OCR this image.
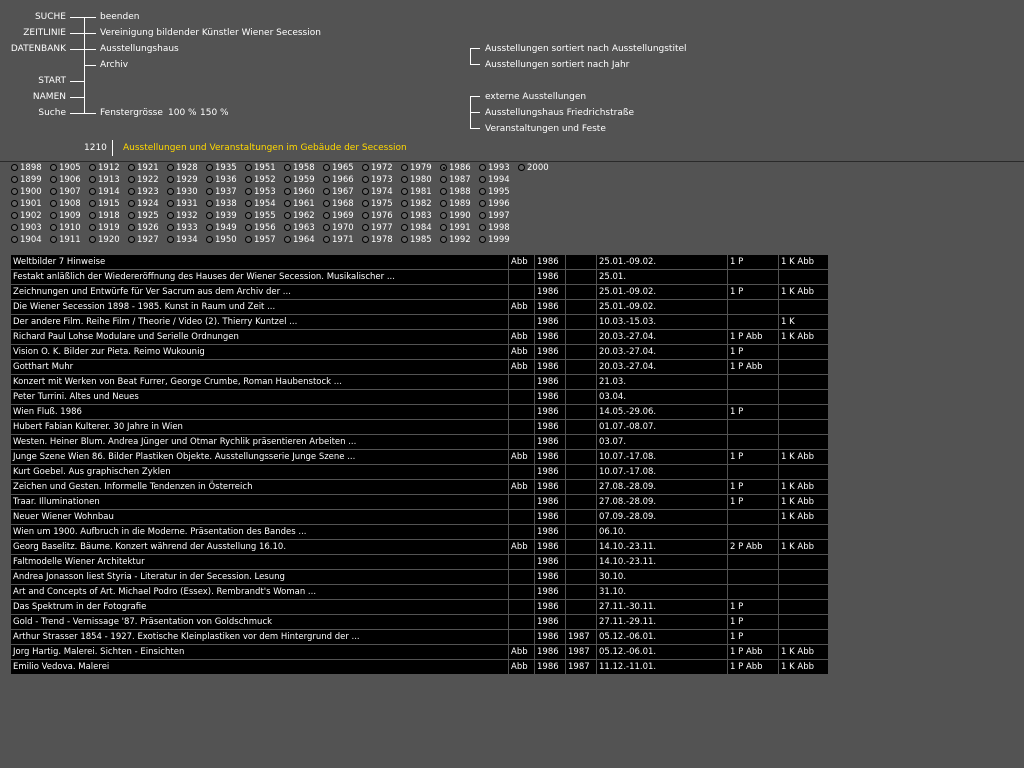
SUCHE
ZEITLINIE
DATENBANK
START
NAMEN
Suche
beenden
Vereinigung bildender Künstler Wiener Secession
Ausstellungshaus
Archiv
Fenstergrösse 100 % 150 %
Ausstellungen sortiert nach Ausstellungstitel
Ausstellungen sortiert nach Jahr
externe Ausstellungen
Ausstellungshaus Friedrichstraße
Veranstaltungen und Feste
1210 Ausstellungen und Veranstaltungen im Gebäude der Secession
1898
1899
1900
1901
1902
1903
1904
1905
1906
1907
1908
1909
1910
1911
1912
1913
1914
1915
1918
1919
1920
1921
1922
1923
1924
1925
1926
1927
1928
1929
1930
1931
1932
1933
1934
1935
1936
1937
1938
1939
1949
1950
1951
1952
1953
1954
1955
1956
1957
1958
1959
1960
1961
1962
1963
1964
1965
1966
1967
1968
1969
1970
1971
1972
1973
1974
1975
1976
1977
1978
1979
1980
1981
1982
1983
1984
1985
1986
1987
1988
1989
1990
1991
1992
1993
1994
1995
1996
1997
1998
1999
2000
Weltbilder 7 Hinweise	Abb	1986		25.01.-09.02.	1 P	1 K Abb
Festakt anläßlich der Wiedereröffnung des Hauses der Wiener Secession. Musikalischer ...		1986		25.01.		
Zeichnungen und Entwürfe für Ver Sacrum aus dem Archiv der ...		1986		25.01.-09.02.	1 P	1 K Abb
Die Wiener Secession 1898 - 1985. Kunst in Raum und Zeit ...	Abb	1986		25.01.-09.02.		
Der andere Film. Reihe Film / Theorie / Video (2). Thierry Kuntzel ...		1986		10.03.-15.03.		1 K
Richard Paul Lohse Modulare und Serielle Ordnungen	Abb	1986		20.03.-27.04.	1 P Abb	1 K Abb
Vision O. K. Bilder zur Pieta. Reimo Wukounig	Abb	1986		20.03.-27.04.	1 P	
Gotthart Muhr	Abb	1986		20.03.-27.04.	1 P Abb	
Konzert mit Werken von Beat Furrer, George Crumbe, Roman Haubenstock ...		1986		21.03.		
Peter Turrini. Altes und Neues		1986		03.04.		
Wien Fluß. 1986		1986		14.05.-29.06.	1 P	
Hubert Fabian Kulterer. 30 Jahre in Wien		1986		01.07.-08.07.		
Westen. Heiner Blum. Andrea Jünger und Otmar Rychlik präsentieren Arbeiten ...		1986		03.07.		
Junge Szene Wien 86. Bilder Plastiken Objekte. Ausstellungsserie Junge Szene ...	Abb	1986		10.07.-17.08.	1 P	1 K Abb
Kurt Goebel. Aus graphischen Zyklen		1986		10.07.-17.08.		
Zeichen und Gesten. Informelle Tendenzen in Österreich	Abb	1986		27.08.-28.09.	1 P	1 K Abb
Traar. Illuminationen		1986		27.08.-28.09.	1 P	1 K Abb
Neuer Wiener Wohnbau		1986		07.09.-28.09.		1 K Abb
Wien um 1900. Aufbruch in die Moderne. Präsentation des Bandes ...		1986		06.10.		
Georg Baselitz. Bäume. Konzert während der Ausstellung 16.10.	Abb	1986		14.10.-23.11.	2 P Abb	1 K Abb
Faltmodelle Wiener Architektur		1986		14.10.-23.11.		
Andrea Jonasson liest Styria - Literatur in der Secession. Lesung		1986		30.10.		
Art and Concepts of Art. Michael Podro (Essex). Rembrandt's Woman ...		1986		31.10.		
Das Spektrum in der Fotografie		1986		27.11.-30.11.	1 P	
Gold - Trend - Vernissage '87. Präsentation von Goldschmuck		1986		27.11.-29.11.	1 P	
Arthur Strasser 1854 - 1927. Exotische Kleinplastiken vor dem Hintergrund der ...		1986	1987	05.12.-06.01.	1 P	
Jorg Hartig. Malerei. Sichten - Einsichten	Abb	1986	1987	05.12.-06.01.	1 P Abb	1 K Abb
Emilio Vedova. Malerei	Abb	1986	1987	11.12.-11.01.	1 P Abb	1 K Abb
